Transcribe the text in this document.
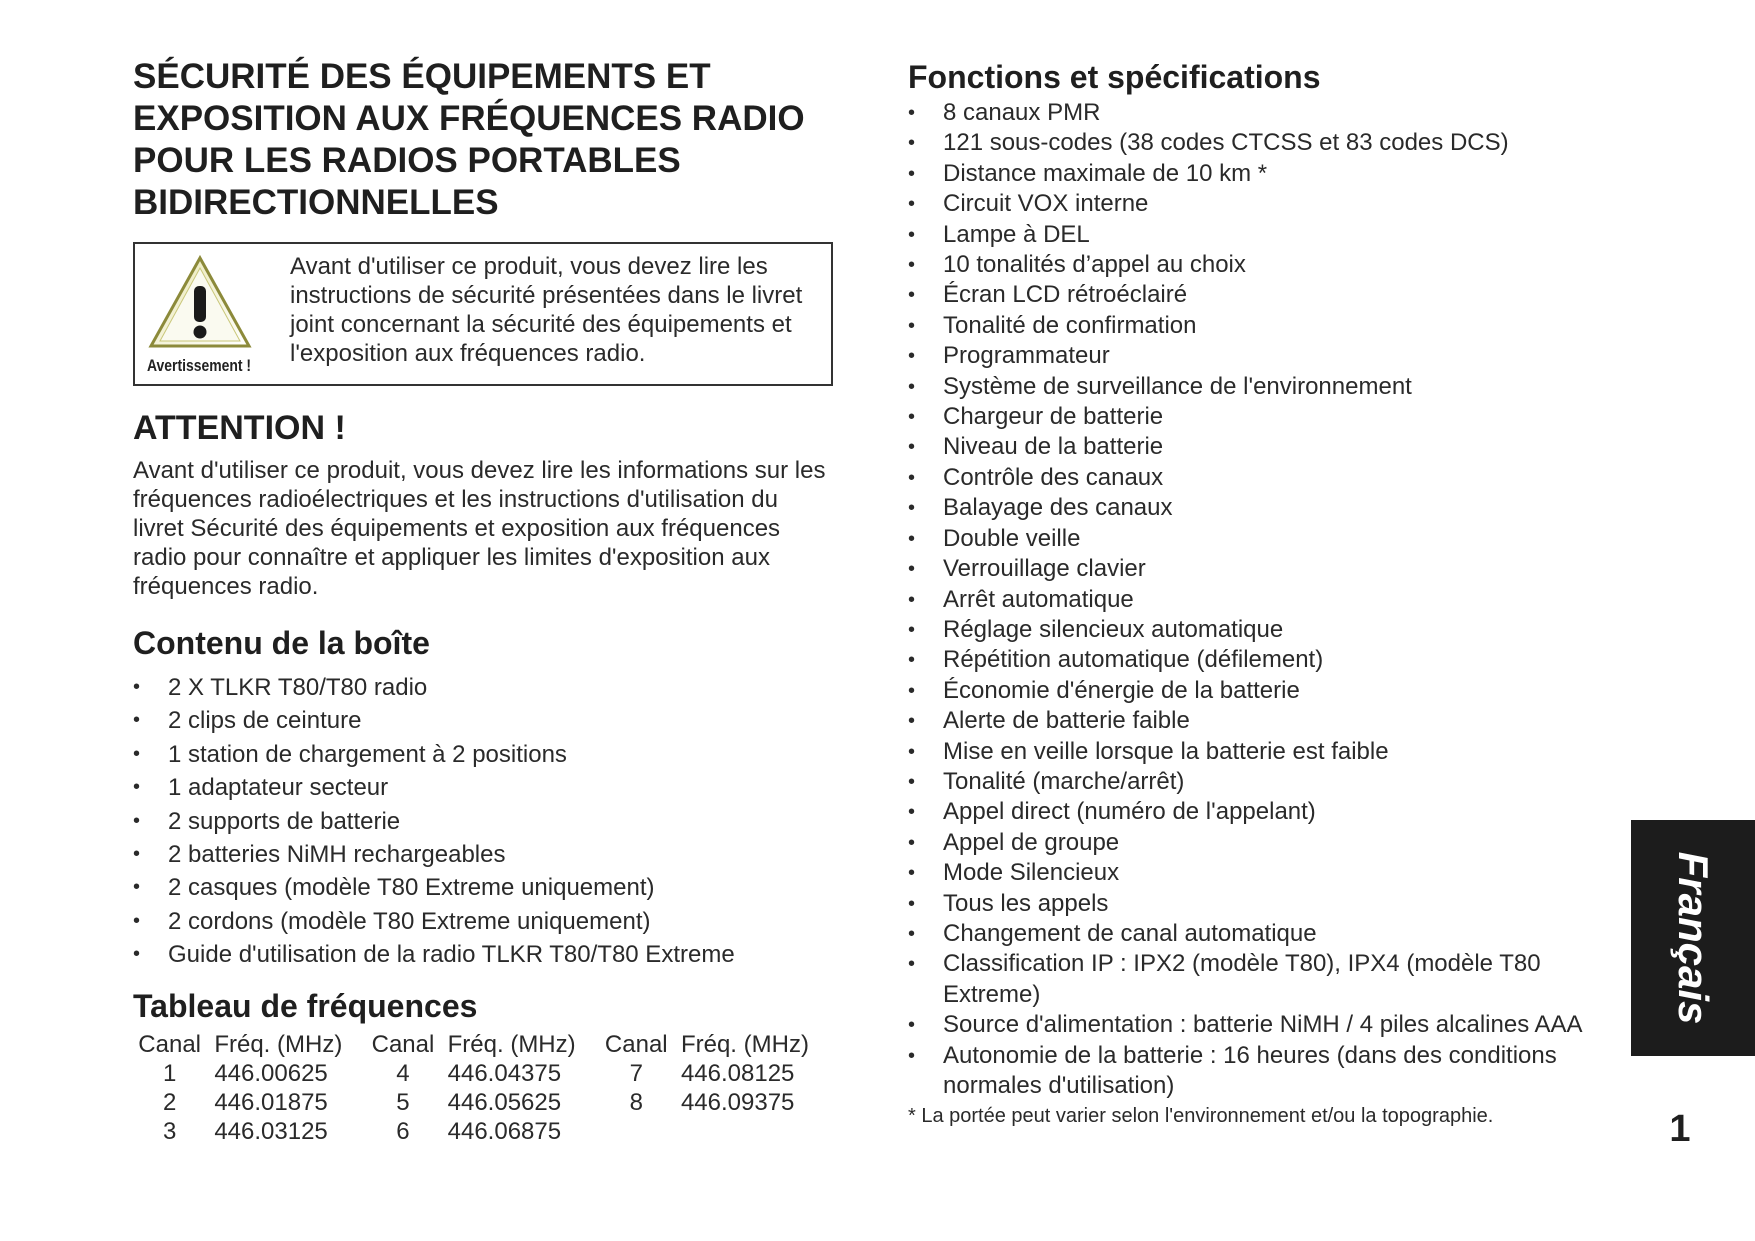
SÉCURITÉ DES ÉQUIPEMENTS ET EXPOSITION AUX FRÉQUENCES RADIO POUR LES RADIOS PORTABLES BIDIRECTIONNELLES
Avertissement !
Avant d'utiliser ce produit, vous devez lire les instructions de sécurité présentées dans le livret joint concernant la sécurité des équipements et l'exposition aux fréquences radio.
ATTENTION !
Avant d'utiliser ce produit, vous devez lire les informations sur les fréquences radioélectriques et les instructions d'utilisation du livret Sécurité des équipements et exposition aux fréquences radio pour connaître et appliquer les limites d'exposition aux fréquences radio.
Contenu de la boîte
• 2 X TLKR T80/T80 radio
• 2 clips de ceinture
• 1 station de chargement à 2 positions
• 1 adaptateur secteur
• 2 supports de batterie
• 2 batteries NiMH rechargeables
• 2 casques (modèle T80 Extreme uniquement)
• 2 cordons (modèle T80 Extreme uniquement)
• Guide d'utilisation de la radio TLKR T80/T80 Extreme
Tableau de fréquences
Canal	Fréq. (MHz)	Canal	Fréq. (MHz)	Canal	Fréq. (MHz)
1	446.00625	4	446.04375	7	446.08125
2	446.01875	5	446.05625	8	446.09375
3	446.03125	6	446.06875		
Fonctions et spécifications
• 8 canaux PMR
• 121 sous-codes (38 codes CTCSS et 83 codes DCS)
• Distance maximale de 10 km *
• Circuit VOX interne
• Lampe à DEL
• 10 tonalités d’appel au choix
• Écran LCD rétroéclairé
• Tonalité de confirmation
• Programmateur
• Système de surveillance de l'environnement
• Chargeur de batterie
• Niveau de la batterie
• Contrôle des canaux
• Balayage des canaux
• Double veille
• Verrouillage clavier
• Arrêt automatique
• Réglage silencieux automatique
• Répétition automatique (défilement)
• Économie d'énergie de la batterie
• Alerte de batterie faible
• Mise en veille lorsque la batterie est faible
• Tonalité (marche/arrêt)
• Appel direct (numéro de l'appelant)
• Appel de groupe
• Mode Silencieux
• Tous les appels
• Changement de canal automatique
• Classification IP : IPX2 (modèle T80), IPX4 (modèle T80 Extreme)
• Source d'alimentation : batterie NiMH / 4 piles alcalines AAA
• Autonomie de la batterie : 16 heures (dans des conditions normales d'utilisation)
* La portée peut varier selon l'environnement et/ou la topographie.
Français
1
